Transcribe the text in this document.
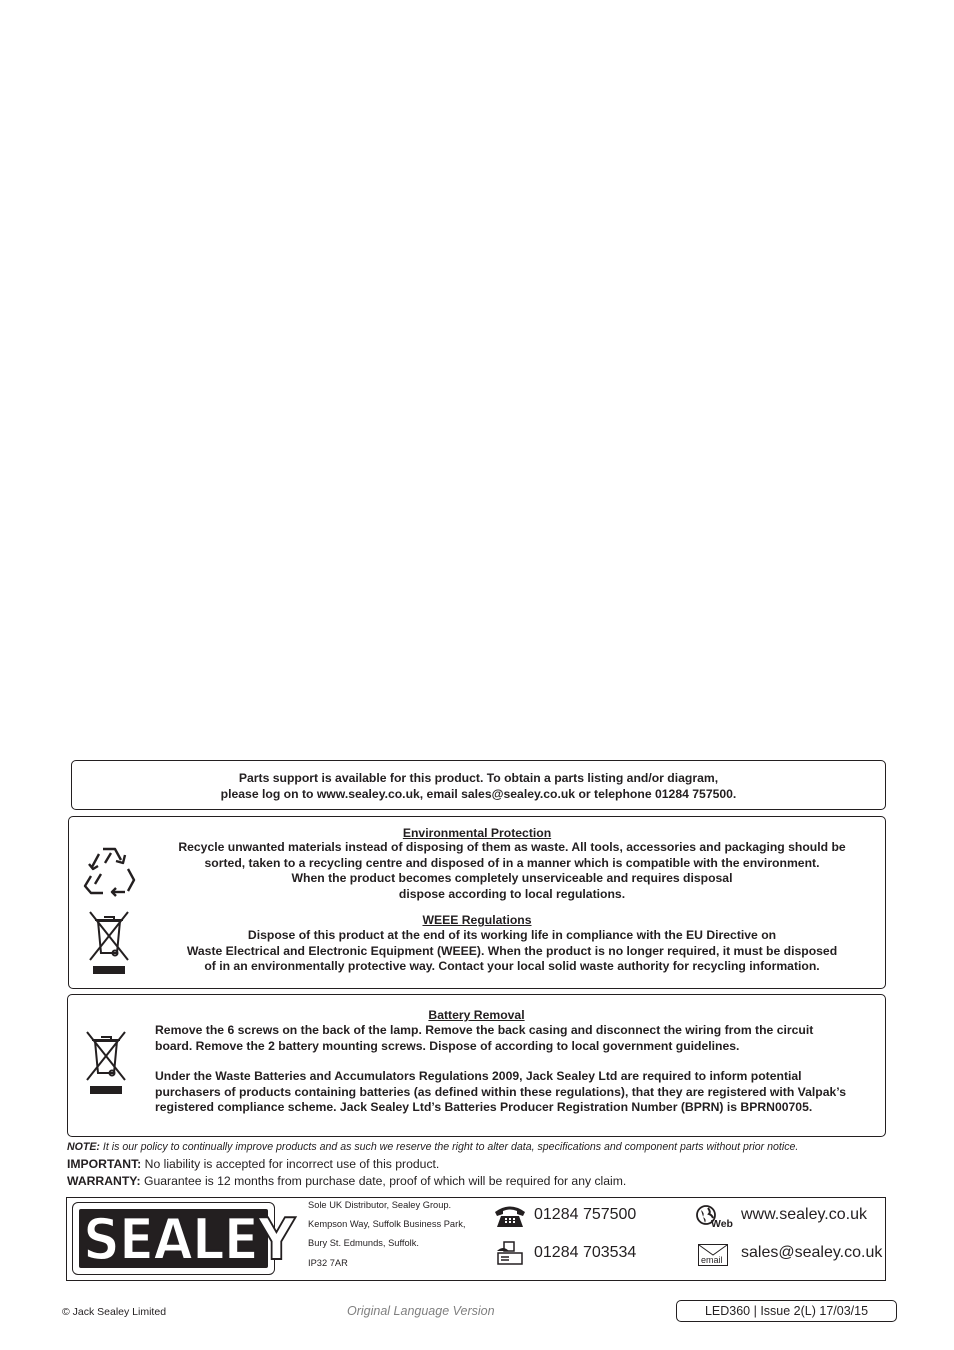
Parts support is available for this product. To obtain a parts listing and/or diagram,
please log on to www.sealey.co.uk, email sales@sealey.co.uk or telephone 01284 757500.
Environmental Protection
Recycle unwanted materials instead of disposing of them as waste. All tools, accessories and packaging should be
sorted, taken to a recycling centre and disposed of in a manner which is compatible with the environment.
When the product becomes completely unserviceable and requires disposal
dispose according to local regulations.
WEEE Regulations
Dispose of this product at the end of its working life in compliance with the EU Directive on
Waste Electrical and Electronic Equipment (WEEE). When the product is no longer required, it must be disposed
of in an environmentally protective way. Contact your local solid waste authority for recycling information.
Battery Removal
Remove the 6 screws on the back of the lamp. Remove the back casing and disconnect the wiring from the circuit
board. Remove the 2 battery mounting screws. Dispose of according to local government guidelines.
Under the Waste Batteries and Accumulators Regulations 2009, Jack Sealey Ltd are required to inform potential
purchasers of products containing batteries (as defined within these regulations), that they are registered with Valpak’s
registered compliance scheme. Jack Sealey Ltd’s Batteries Producer Registration Number (BPRN) is BPRN00705.
NOTE: It is our policy to continually improve products and as such we reserve the right to alter data, specifications and component parts without prior notice.
IMPORTANT: No liability is accepted for incorrect use of this product.
WARRANTY: Guarantee is 12 months from purchase date, proof of which will be required for any claim.
SEALEY
Sole UK Distributor, Sealey Group.
Kempson Way, Suffolk Business Park,
Bury St. Edmunds, Suffolk.
IP32 7AR
01284 757500
01284 703534
Web
www.sealey.co.uk
email sales@sealey.co.uk
© Jack Sealey Limited	Original Language Version	LED360 | Issue 2(L) 17/03/15
